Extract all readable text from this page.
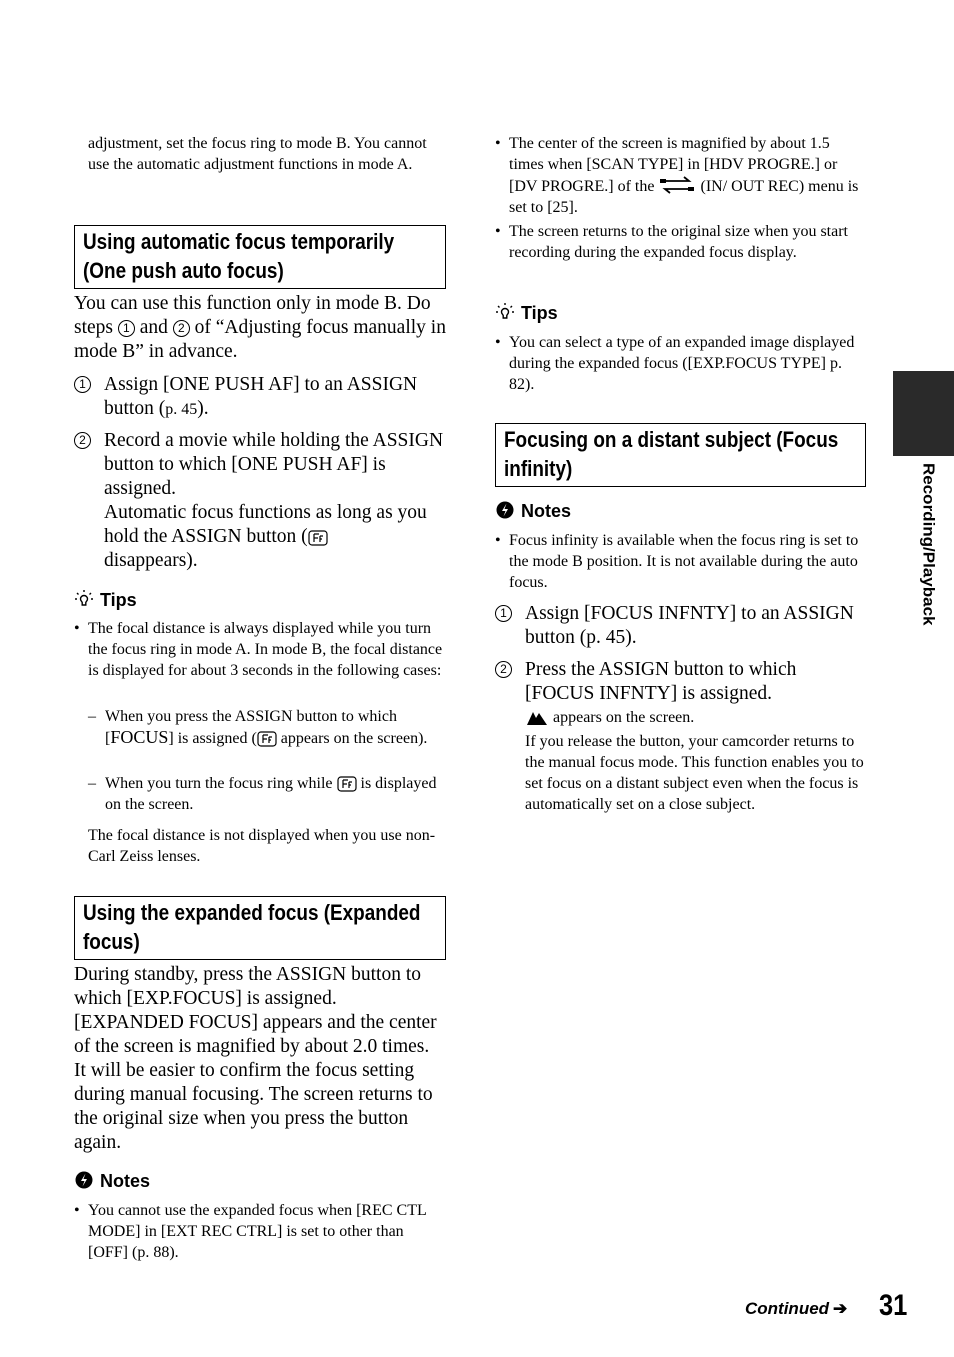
adjustment, set the focus ring to mode B. You cannot use the automatic adjustment functions in mode A.
Using automatic focus temporarily
(One push auto focus)
You can use this function only in mode B. Do steps 1 and 2 of “Adjusting focus manually in mode B” in advance.
1 Assign [ONE PUSH AF] to an ASSIGN button (p. 45).
2 Record a movie while holding the ASSIGN button to which [ONE PUSH AF] is assigned.
Automatic focus functions as long as you hold the ASSIGN button (
disappears).
Tips
• The focal distance is always displayed while you turn the focus ring in mode A. In mode B, the focal distance is displayed for about 3 seconds in the following cases:
– When you press the ASSIGN button to which [FOCUS] is assigned ( appears on the screen).
– When you turn the focus ring while is displayed on the screen.
The focal distance is not displayed when you use non-Carl Zeiss lenses.
Using the expanded focus (Expanded
focus)
During standby, press the ASSIGN button to which [EXP.FOCUS] is assigned. [EXPANDED FOCUS] appears and the center of the screen is magnified by about 2.0 times. It will be easier to confirm the focus setting during manual focusing. The screen returns to the original size when you press the button again.
Notes
• You cannot use the expanded focus when [REC CTL MODE] in [EXT REC CTRL] is set to other than [OFF] (p. 88).
• The center of the screen is magnified by about 1.5 times when [SCAN TYPE] in [HDV PROGRE.] or [DV PROGRE.] of the	(IN/ OUT REC) menu is set to [25].
• The screen returns to the original size when you start recording during the expanded focus display.
Tips
• You can select a type of an expanded image displayed during the expanded focus ([EXP.FOCUS TYPE] p. 82).
Focusing on a distant subject (Focus
infinity)
Notes
• Focus infinity is available when the focus ring is set to the mode B position. It is not available during the auto focus.
1 Assign [FOCUS INFNTY] to an ASSIGN button (p. 45).
2 Press the ASSIGN button to which [FOCUS INFNTY] is assigned.
appears on the screen.
If you release the button, your camcorder returns to the manual focus mode. This function enables you to set focus on a distant subject even when the focus is automatically set on a close subject.
Recording/Playback
Continued ➔ 31
